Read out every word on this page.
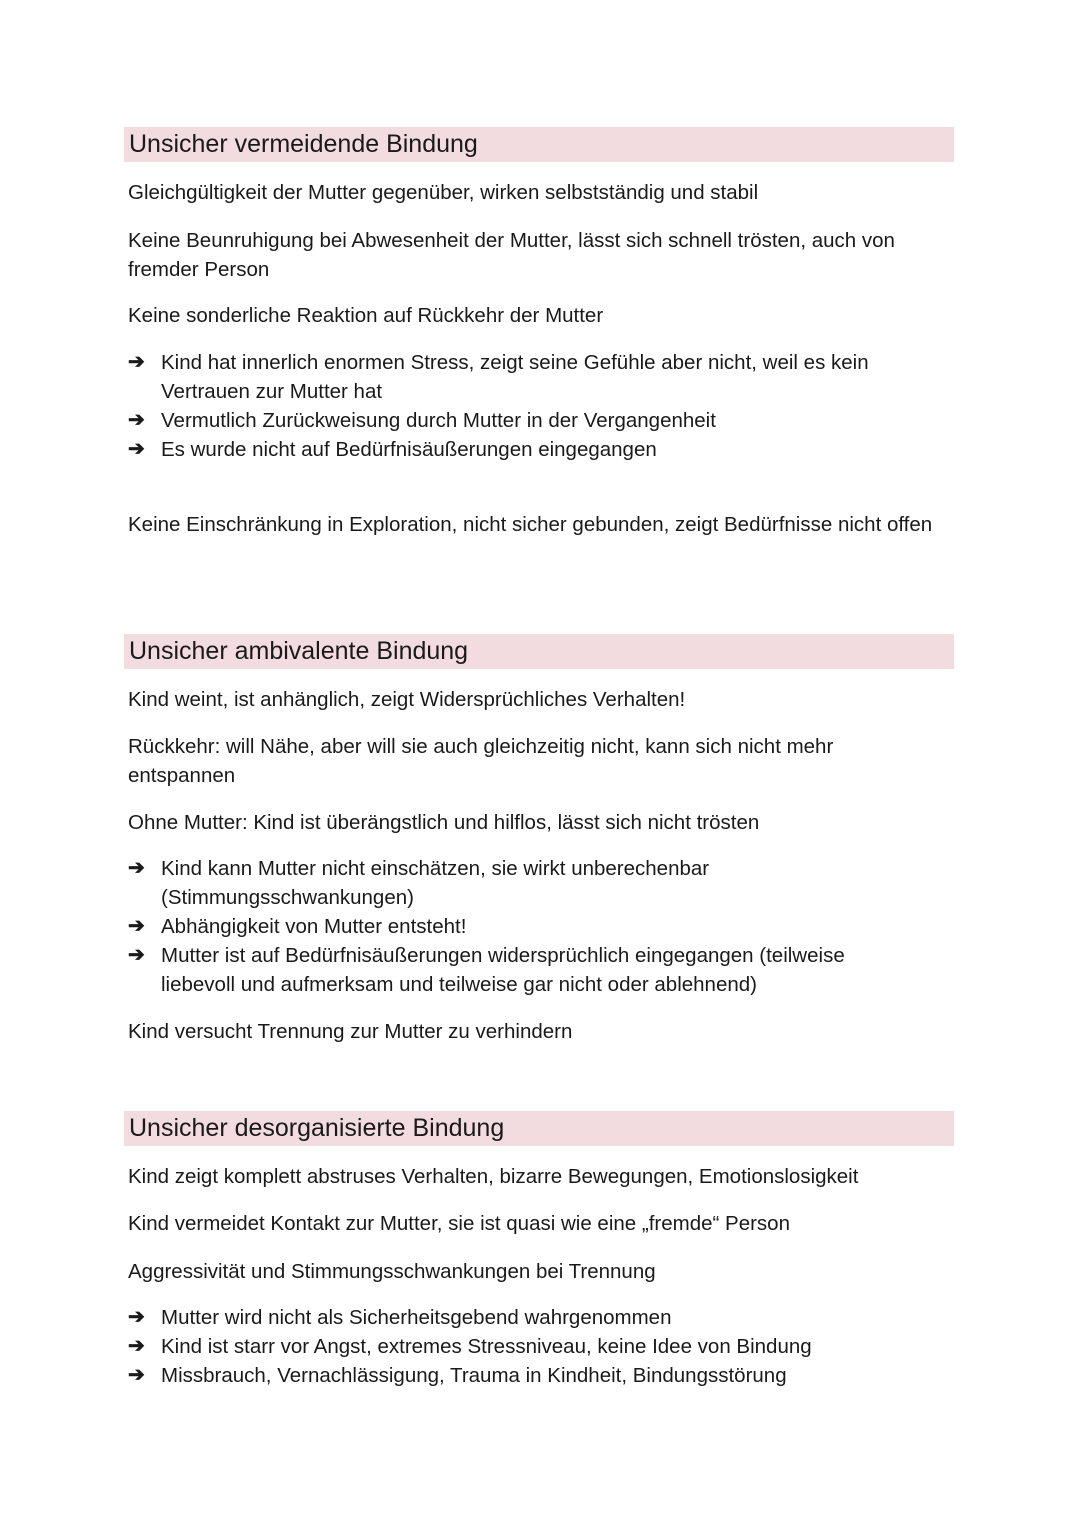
Unsicher vermeidende Bindung

Gleichgültigkeit der Mutter gegenüber, wirken selbstständig und stabil

Keine Beunruhigung bei Abwesenheit der Mutter, lässt sich schnell trösten, auch von fremder Person

Keine sonderliche Reaktion auf Rückkehr der Mutter

➔ Kind hat innerlich enormen Stress, zeigt seine Gefühle aber nicht, weil es kein Vertrauen zur Mutter hat
➔ Vermutlich Zurückweisung durch Mutter in der Vergangenheit
➔ Es wurde nicht auf Bedürfnisäußerungen eingegangen

Keine Einschränkung in Exploration, nicht sicher gebunden, zeigt Bedürfnisse nicht offen

Unsicher ambivalente Bindung

Kind weint, ist anhänglich, zeigt Widersprüchliches Verhalten!

Rückkehr: will Nähe, aber will sie auch gleichzeitig nicht, kann sich nicht mehr entspannen

Ohne Mutter: Kind ist überängstlich und hilflos, lässt sich nicht trösten

➔ Kind kann Mutter nicht einschätzen, sie wirkt unberechenbar (Stimmungsschwankungen)
➔ Abhängigkeit von Mutter entsteht!
➔ Mutter ist auf Bedürfnisäußerungen widersprüchlich eingegangen (teilweise liebevoll und aufmerksam und teilweise gar nicht oder ablehnend)

Kind versucht Trennung zur Mutter zu verhindern

Unsicher desorganisierte Bindung

Kind zeigt komplett abstruses Verhalten, bizarre Bewegungen, Emotionslosigkeit

Kind vermeidet Kontakt zur Mutter, sie ist quasi wie eine „fremde“ Person

Aggressivität und Stimmungsschwankungen bei Trennung

➔ Mutter wird nicht als Sicherheitsgebend wahrgenommen
➔ Kind ist starr vor Angst, extremes Stressniveau, keine Idee von Bindung
➔ Missbrauch, Vernachlässigung, Trauma in Kindheit, Bindungsstörung
